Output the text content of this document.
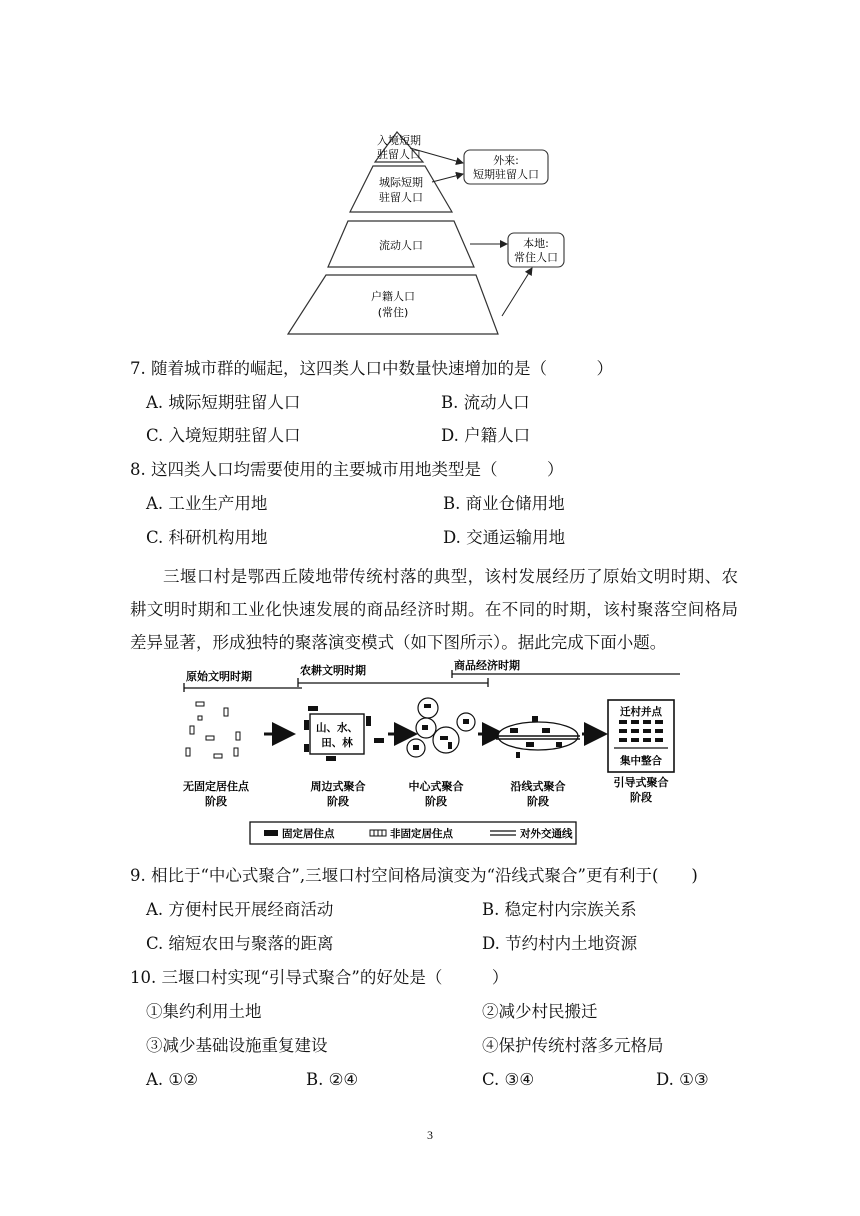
入境短期
驻留人口
城际短期
驻留人口
流动人口
户籍人口
(常住)
外来:
短期驻留人口
本地:
常住人口
7. 随着城市群的崛起，这四类人口中数量快速增加的是（　　　）
A. 城际短期驻留人口	B. 流动人口
C. 入境短期驻留人口	D. 户籍人口
8. 这四类人口均需要使用的主要城市用地类型是（　　　）
A. 工业生产用地	B. 商业仓储用地
C. 科研机构用地	D. 交通运输用地

三堰口村是鄂西丘陵地带传统村落的典型，该村发展经历了原始文明时期、农耕文明时期和工业化快速发展的商品经济时期。在不同的时期，该村聚落空间格局差异显著，形成独特的聚落演变模式（如下图所示）。据此完成下面小题。

原始文明时期	农耕文明时期	商品经济时期
山、水、
田、林
迁村并点
集中整合
无固定居住点
阶段
周边式聚合
阶段
中心式聚合
阶段
沿线式聚合
阶段
引导式聚合
阶段
固定居住点	非固定居住点	对外交通线
9. 相比于“中心式聚合”,三堰口村空间格局演变为“沿线式聚合”更有利于(　　)
A. 方便村民开展经商活动	B. 稳定村内宗族关系
C. 缩短农田与聚落的距离	D. 节约村内土地资源
10. 三堰口村实现“引导式聚合”的好处是（　　　）
①集约利用土地	②减少村民搬迁
③减少基础设施重复建设	④保护传统村落多元格局
A. ①②	B. ②④	C. ③④	D. ①③
3
